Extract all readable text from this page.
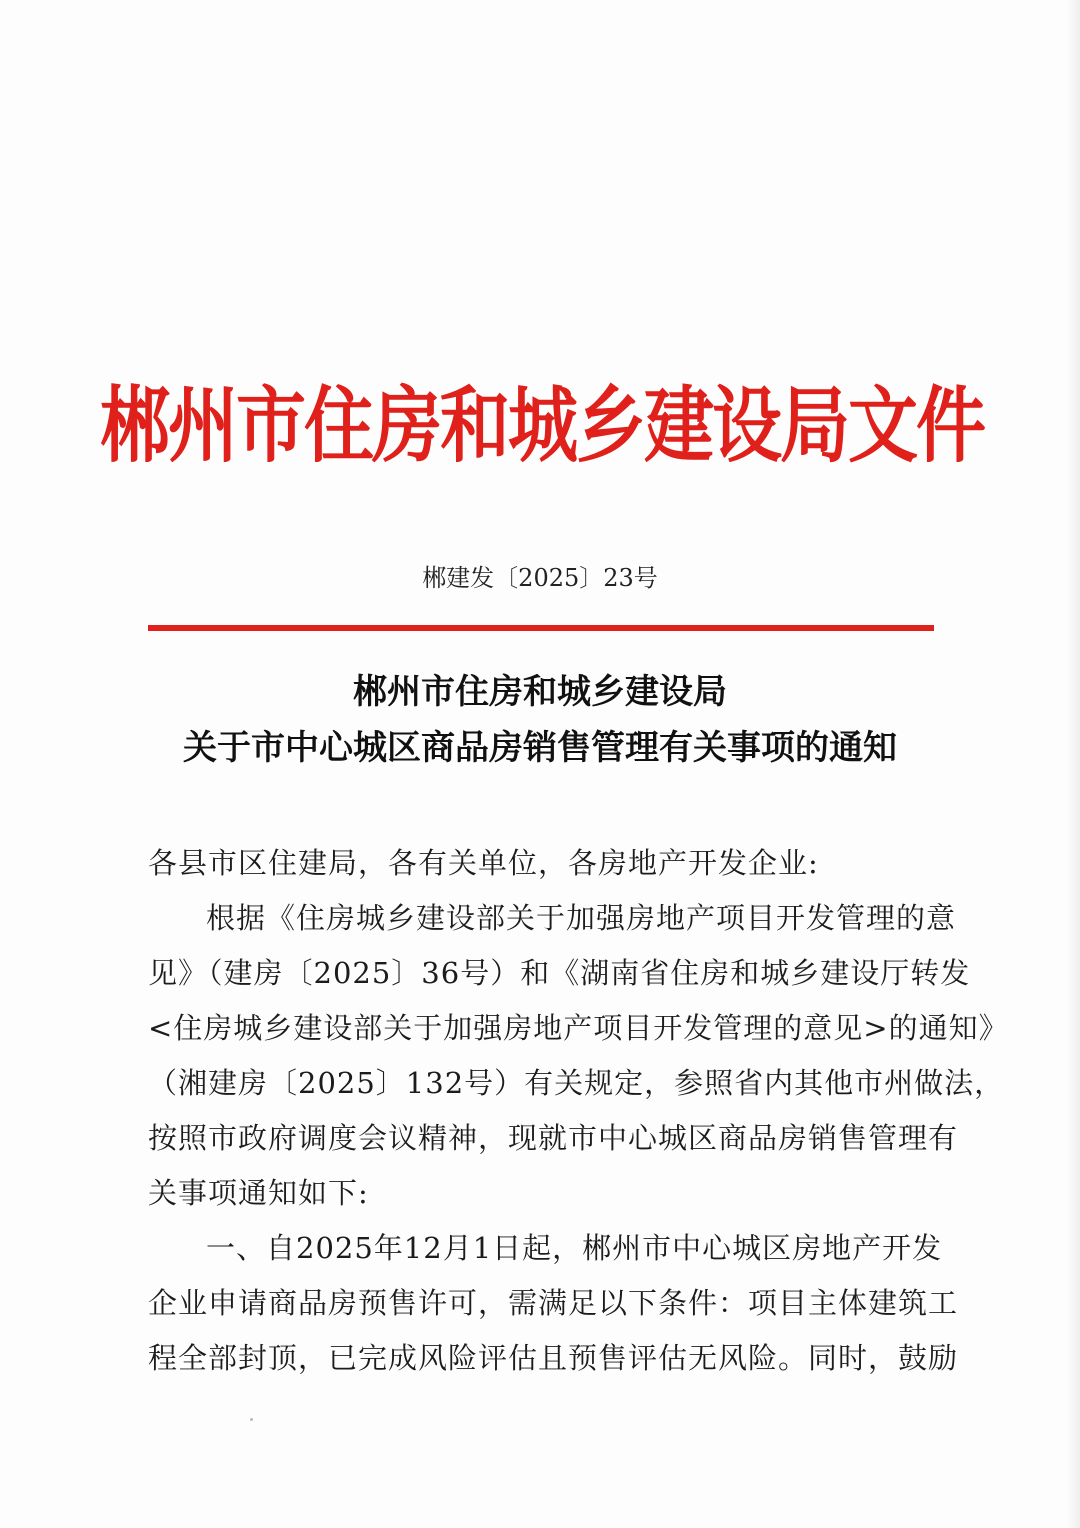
郴州市住房和城乡建设局文件
郴建发〔2025〕23号
郴州市住房和城乡建设局
关于市中心城区商品房销售管理有关事项的通知
各县市区住建局，各有关单位，各房地产开发企业:
根据《住房城乡建设部关于加强房地产项目开发管理的意
见》（建房〔2025〕36号）和《湖南省住房和城乡建设厅转发
<住房城乡建设部关于加强房地产项目开发管理的意见>的通知》
（湘建房〔2025〕132号）有关规定，参照省内其他市州做法，
按照市政府调度会议精神，现就市中心城区商品房销售管理有
关事项通知如下:
一、自2025年12月1日起，郴州市中心城区房地产开发
企业申请商品房预售许可，需满足以下条件：项目主体建筑工
程全部封顶，已完成风险评估且预售评估无风险。同时，鼓励
